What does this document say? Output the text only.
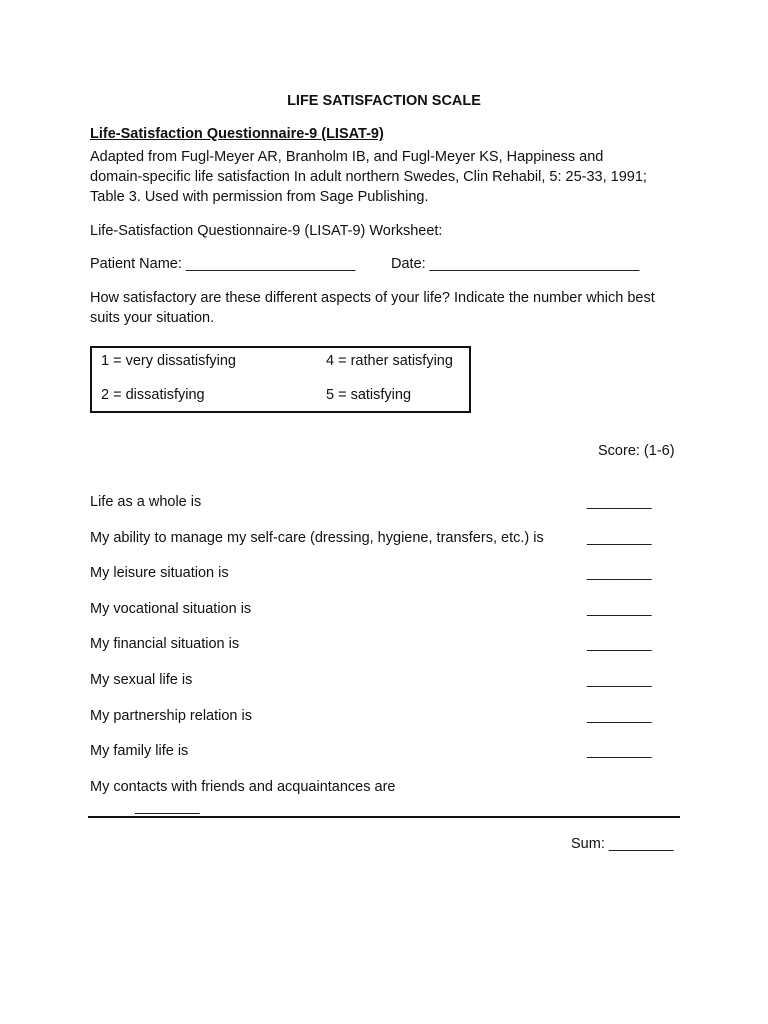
LIFE SATISFACTION SCALE
Life-Satisfaction Questionnaire-9 (LISAT-9)
Adapted from Fugl-Meyer AR, Branholm IB, and Fugl-Meyer KS, Happiness and
domain-specific life satisfaction In adult northern Swedes, Clin Rehabil, 5: 25-33, 1991;
Table 3. Used with permission from Sage Publishing.
Life-Satisfaction Questionnaire-9 (LISAT-9) Worksheet:
Patient Name: _____________________ Date: __________________________
How satisfactory are these different aspects of your life? Indicate the number which best
suits your situation.
1 = very dissatisfying	4 = rather satisfying
2 = dissatisfying	5 = satisfying
Score: (1-6)
Life as a whole is	________
My ability to manage my self-care (dressing, hygiene, transfers, etc.) is	________
My leisure situation is	________
My vocational situation is	________
My financial situation is	________
My sexual life is	________
My partnership relation is	________
My family life is	________
My contacts with friends and acquaintances are
________
Sum: ________
